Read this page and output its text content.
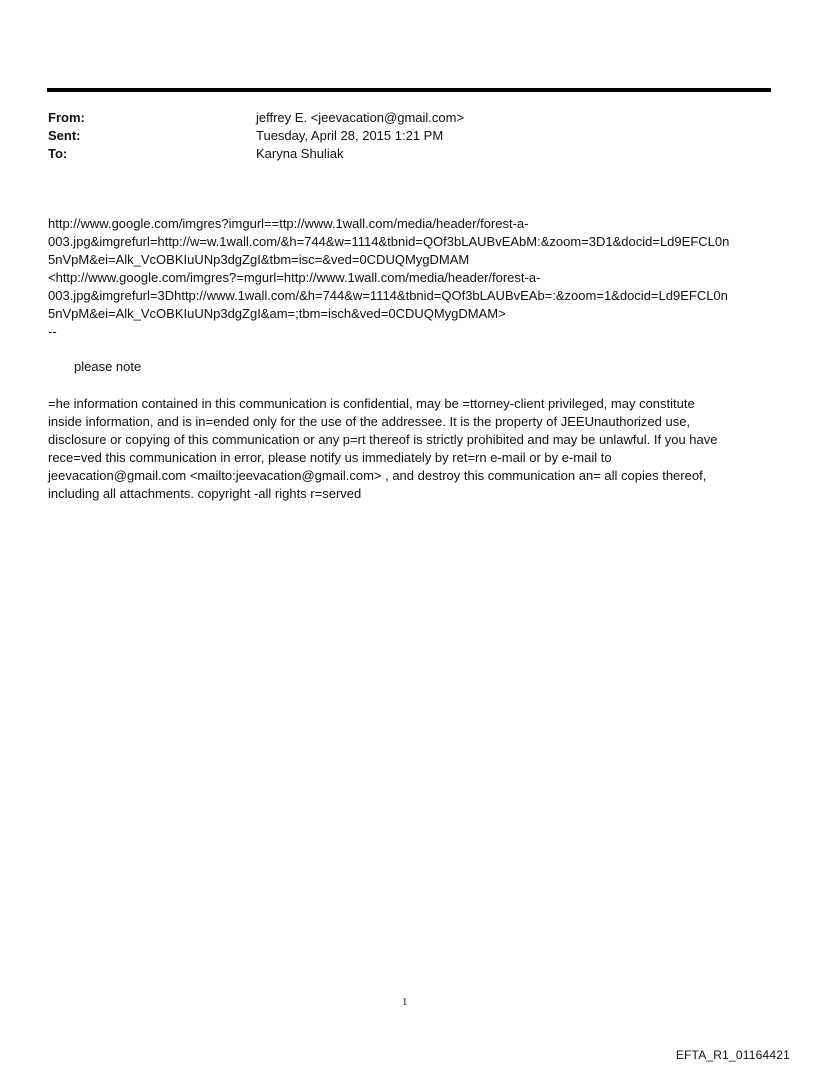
From:	jeffrey E. <jeevacation@gmail.com>
Sent:	Tuesday, April 28, 2015 1:21 PM
To:	Karyna Shuliak
http://www.google.com/imgres?imgurl==ttp://www.1wall.com/media/header/forest-a-
003.jpg&imgrefurl=http://w=w.1wall.com/&h=744&w=1114&tbnid=QOf3bLAUBvEAbM:&zoom=3D1&docid=Ld9EFCL0n
5nVpM&ei=Alk_VcOBKIuUNp3dgZgI&tbm=isc=&ved=0CDUQMygDMAM
<http://www.google.com/imgres?=mgurl=http://www.1wall.com/media/header/forest-a-
003.jpg&imgrefurl=3Dhttp://www.1wall.com/&h=744&w=1114&tbnid=QOf3bLAUBvEAb=:&zoom=1&docid=Ld9EFCL0n
5nVpM&ei=Alk_VcOBKIuUNp3dgZgI&am=;tbm=isch&ved=0CDUQMygDMAM>
--
please note
=he information contained in this communication is confidential, may be =ttorney-client privileged, may constitute
inside information, and is in=ended only for the use of the addressee. It is the property of JEEUnauthorized use,
disclosure or copying of this communication or any p=rt thereof is strictly prohibited and may be unlawful. If you have
rece=ved this communication in error, please notify us immediately by ret=rn e-mail or by e-mail to
jeevacation@gmail.com <mailto:jeevacation@gmail.com> , and destroy this communication an= all copies thereof,
including all attachments. copyright -all rights r=served
1
EFTA_R1_01164421
